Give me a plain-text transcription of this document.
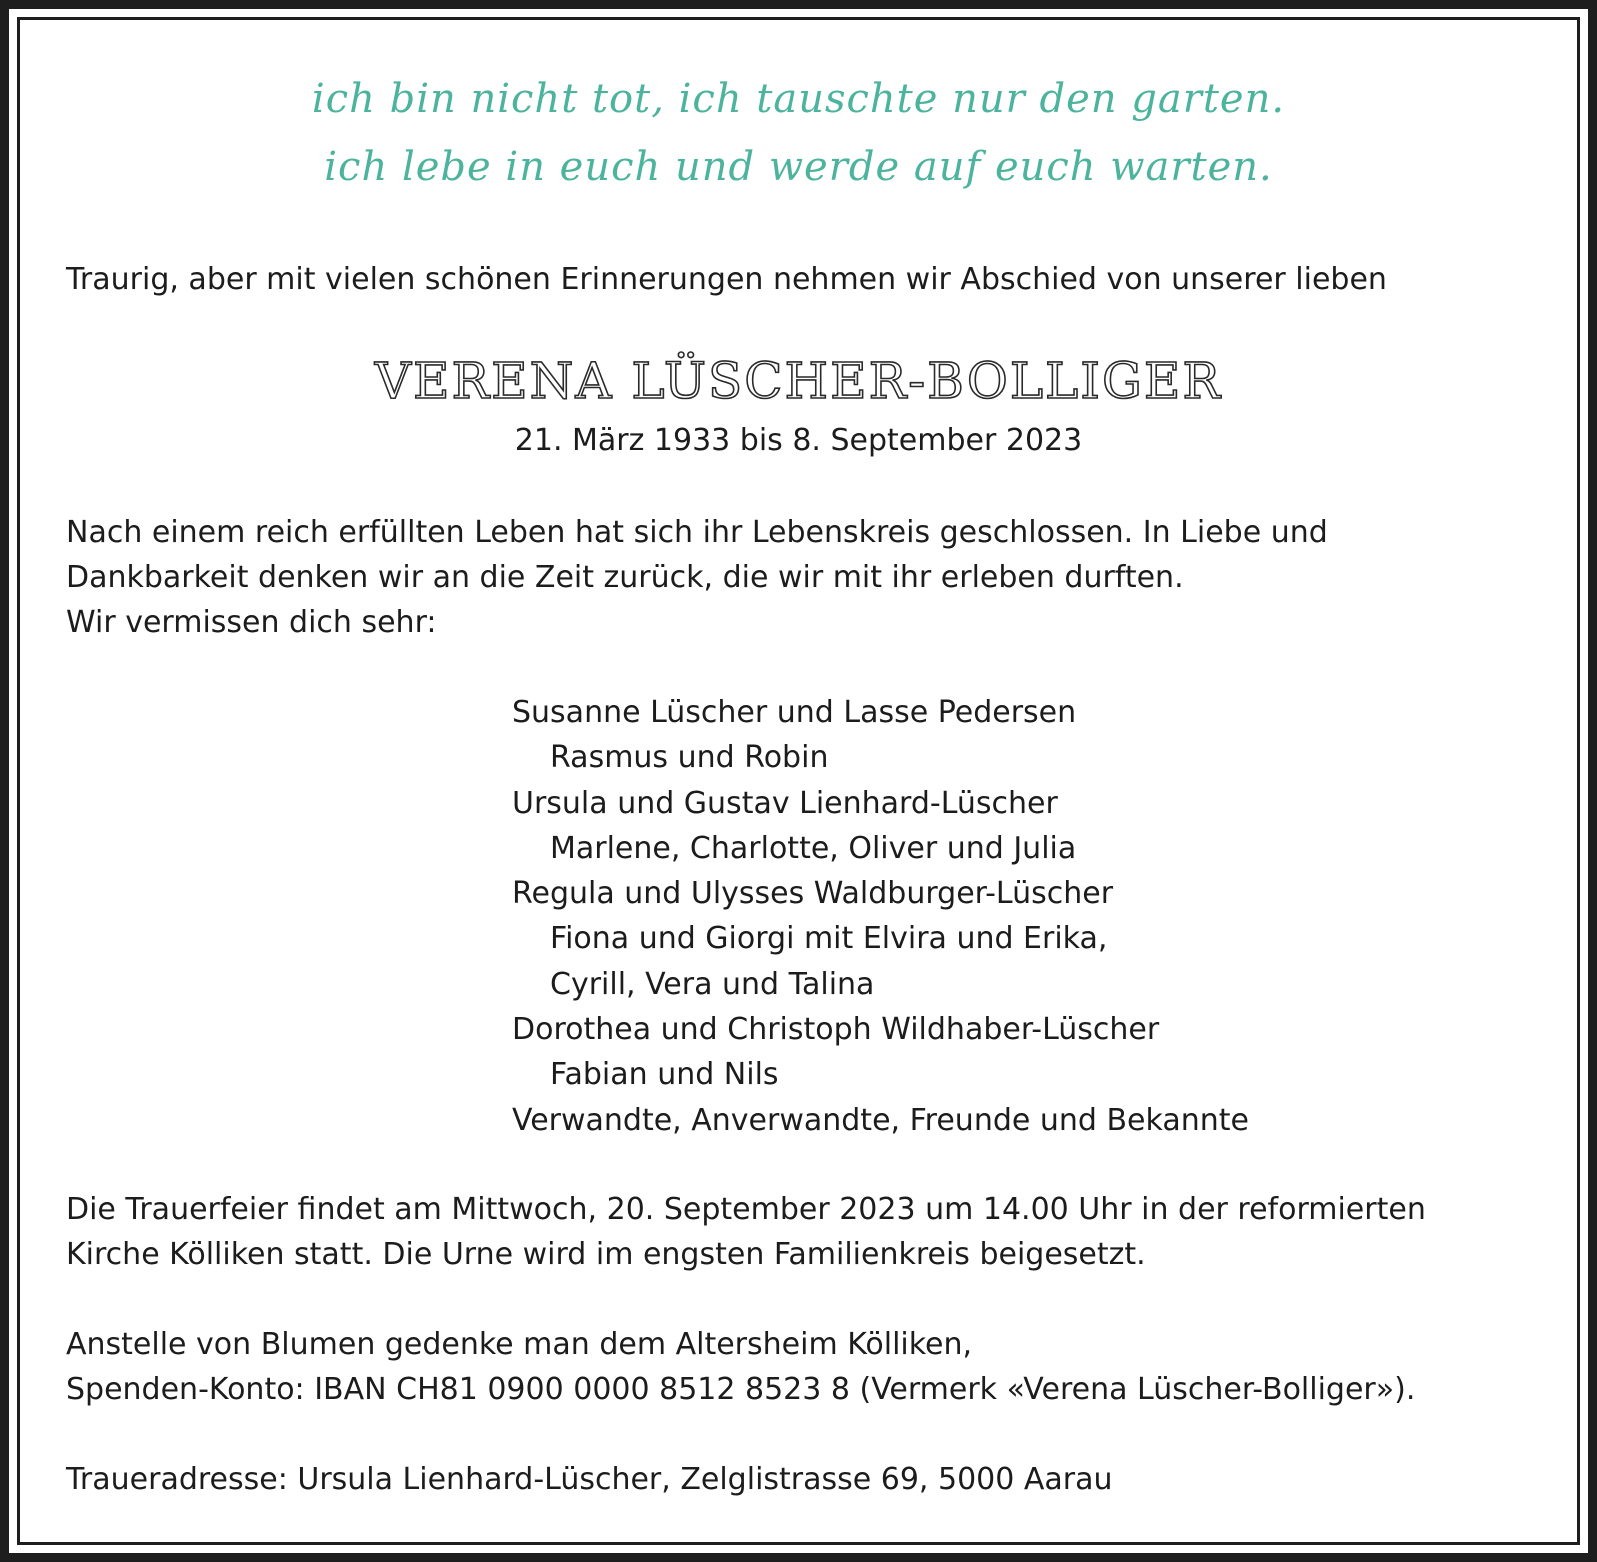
ich bin nicht tot, ich tauschte nur den garten.
ich lebe in euch und werde auf euch warten.
Traurig, aber mit vielen schönen Erinnerungen nehmen wir Abschied von unserer lieben
VERENA LÜSCHER-BOLLIGER
21. März 1933 bis 8. September 2023
Nach einem reich erfüllten Leben hat sich ihr Lebenskreis geschlossen. In Liebe und
Dankbarkeit denken wir an die Zeit zurück, die wir mit ihr erleben durften.
Wir vermissen dich sehr:
Susanne Lüscher und Lasse Pedersen
Rasmus und Robin
Ursula und Gustav Lienhard-Lüscher
Marlene, Charlotte, Oliver und Julia
Regula und Ulysses Waldburger-Lüscher
Fiona und Giorgi mit Elvira und Erika,
Cyrill, Vera und Talina
Dorothea und Christoph Wildhaber-Lüscher
Fabian und Nils
Verwandte, Anverwandte, Freunde und Bekannte
Die Trauerfeier findet am Mittwoch, 20. September 2023 um 14.00 Uhr in der reformierten
Kirche Kölliken statt. Die Urne wird im engsten Familienkreis beigesetzt.
Anstelle von Blumen gedenke man dem Altersheim Kölliken,
Spenden-Konto: IBAN CH81 0900 0000 8512 8523 8 (Vermerk «Verena Lüscher-Bolliger»).
Traueradresse: Ursula Lienhard-Lüscher, Zelglistrasse 69, 5000 Aarau
